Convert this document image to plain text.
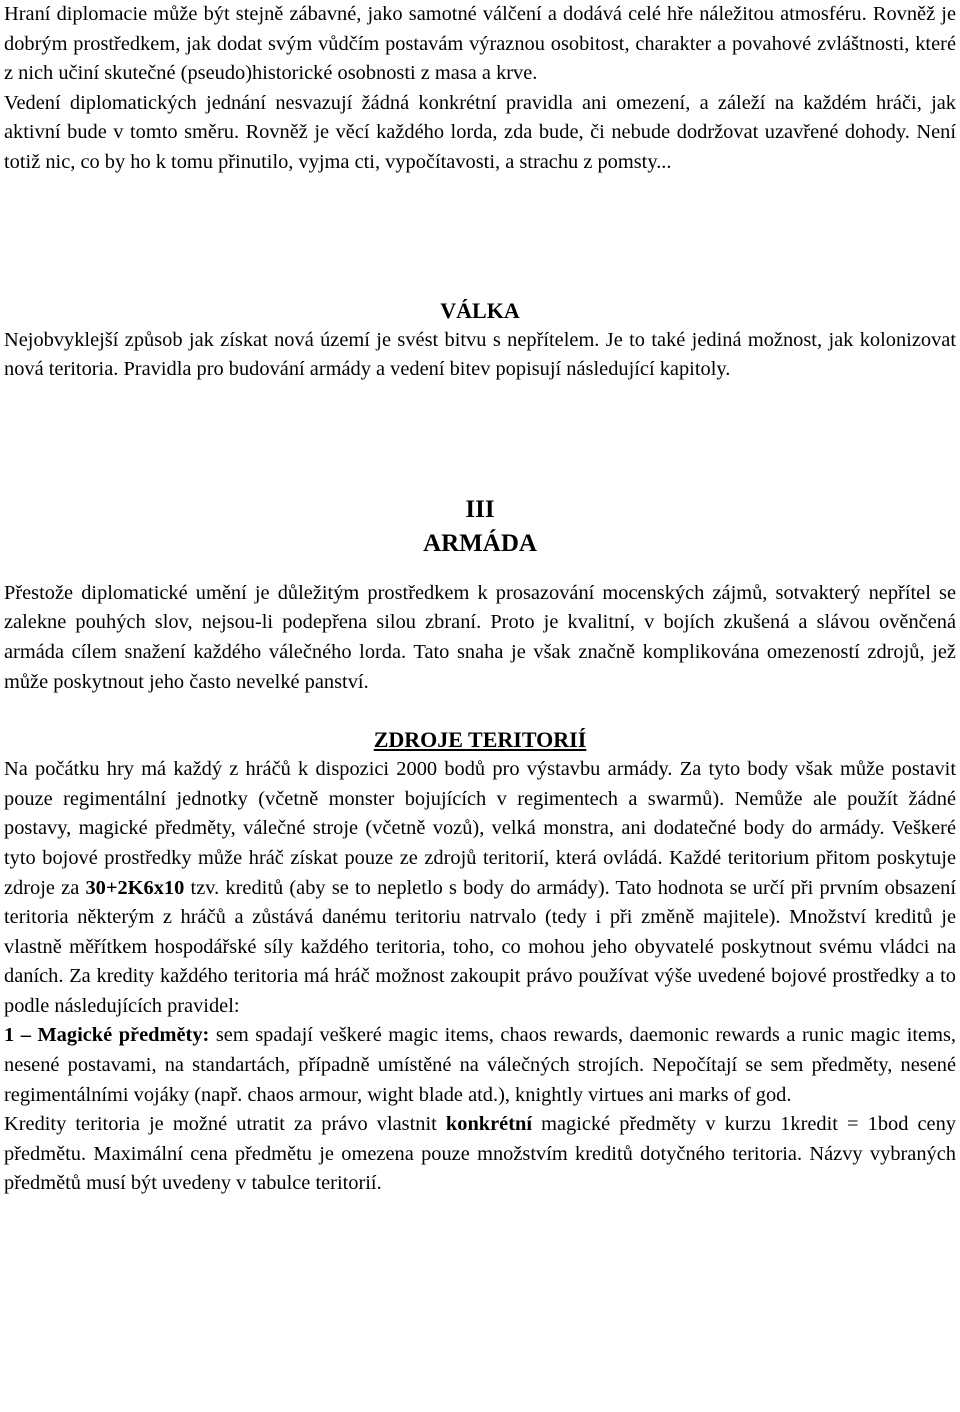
Hraní diplomacie může být stejně zábavné, jako samotné válčení a dodává celé hře náležitou atmosféru. Rovněž je dobrým prostředkem, jak dodat svým vůdčím postavám výraznou osobitost, charakter a povahové zvláštnosti, které z nich učiní skutečné (pseudo)historické osobnosti z masa a krve.

Vedení diplomatických jednání nesvazují žádná konkrétní pravidla ani omezení, a záleží na každém hráči, jak aktivní bude v tomto směru. Rovněž je věcí každého lorda, zda bude, či nebude dodržovat uzavřené dohody. Není totiž nic, co by ho k tomu přinutilo, vyjma cti, vypočítavosti, a strachu z pomsty...

VÁLKA

Nejobvyklejší způsob jak získat nová území je svést bitvu s nepřítelem. Je to také jediná možnost, jak kolonizovat nová teritoria. Pravidla pro budování armády a vedení bitev popisují následující kapitoly.

III
ARMÁDA

Přestože diplomatické umění je důležitým prostředkem k prosazování mocenských zájmů, sotvakterý nepřítel se zalekne pouhých slov, nejsou-li podepřena silou zbraní. Proto je kvalitní, v bojích zkušená a slávou ověnčená armáda cílem snažení každého válečného lorda. Tato snaha je však značně komplikována omezeností zdrojů, jež může poskytnout jeho často nevelké panství.

ZDROJE TERITORIÍ

Na počátku hry má každý z hráčů k dispozici 2000 bodů pro výstavbu armády. Za tyto body však může postavit pouze regimentální jednotky (včetně monster bojujících v regimentech a swarmů). Nemůže ale použít žádné postavy, magické předměty, válečné stroje (včetně vozů), velká monstra, ani dodatečné body do armády. Veškeré tyto bojové prostředky může hráč získat pouze ze zdrojů teritorií, která ovládá. Každé teritorium přitom poskytuje zdroje za 30+2K6x10 tzv. kreditů (aby se to nepletlo s body do armády). Tato hodnota se určí při prvním obsazení teritoria některým z hráčů a zůstává danému teritoriu natrvalo (tedy i při změně majitele). Množství kreditů je vlastně měřítkem hospodářské síly každého teritoria, toho, co mohou jeho obyvatelé poskytnout svému vládci na daních. Za kredity každého teritoria má hráč možnost zakoupit právo používat výše uvedené bojové prostředky a to podle následujících pravidel:

1 – Magické předměty: sem spadají veškeré magic items, chaos rewards, daemonic rewards a runic magic items, nesené postavami, na standartách, případně umístěné na válečných strojích. Nepočítají se sem předměty, nesené regimentálními vojáky (např. chaos armour, wight blade atd.), knightly virtues ani marks of god.

Kredity teritoria je možné utratit za právo vlastnit konkrétní magické předměty v kurzu 1kredit = 1bod ceny předmětu. Maximální cena předmětu je omezena pouze množstvím kreditů dotyčného teritoria. Názvy vybraných předmětů musí být uvedeny v tabulce teritorií.
